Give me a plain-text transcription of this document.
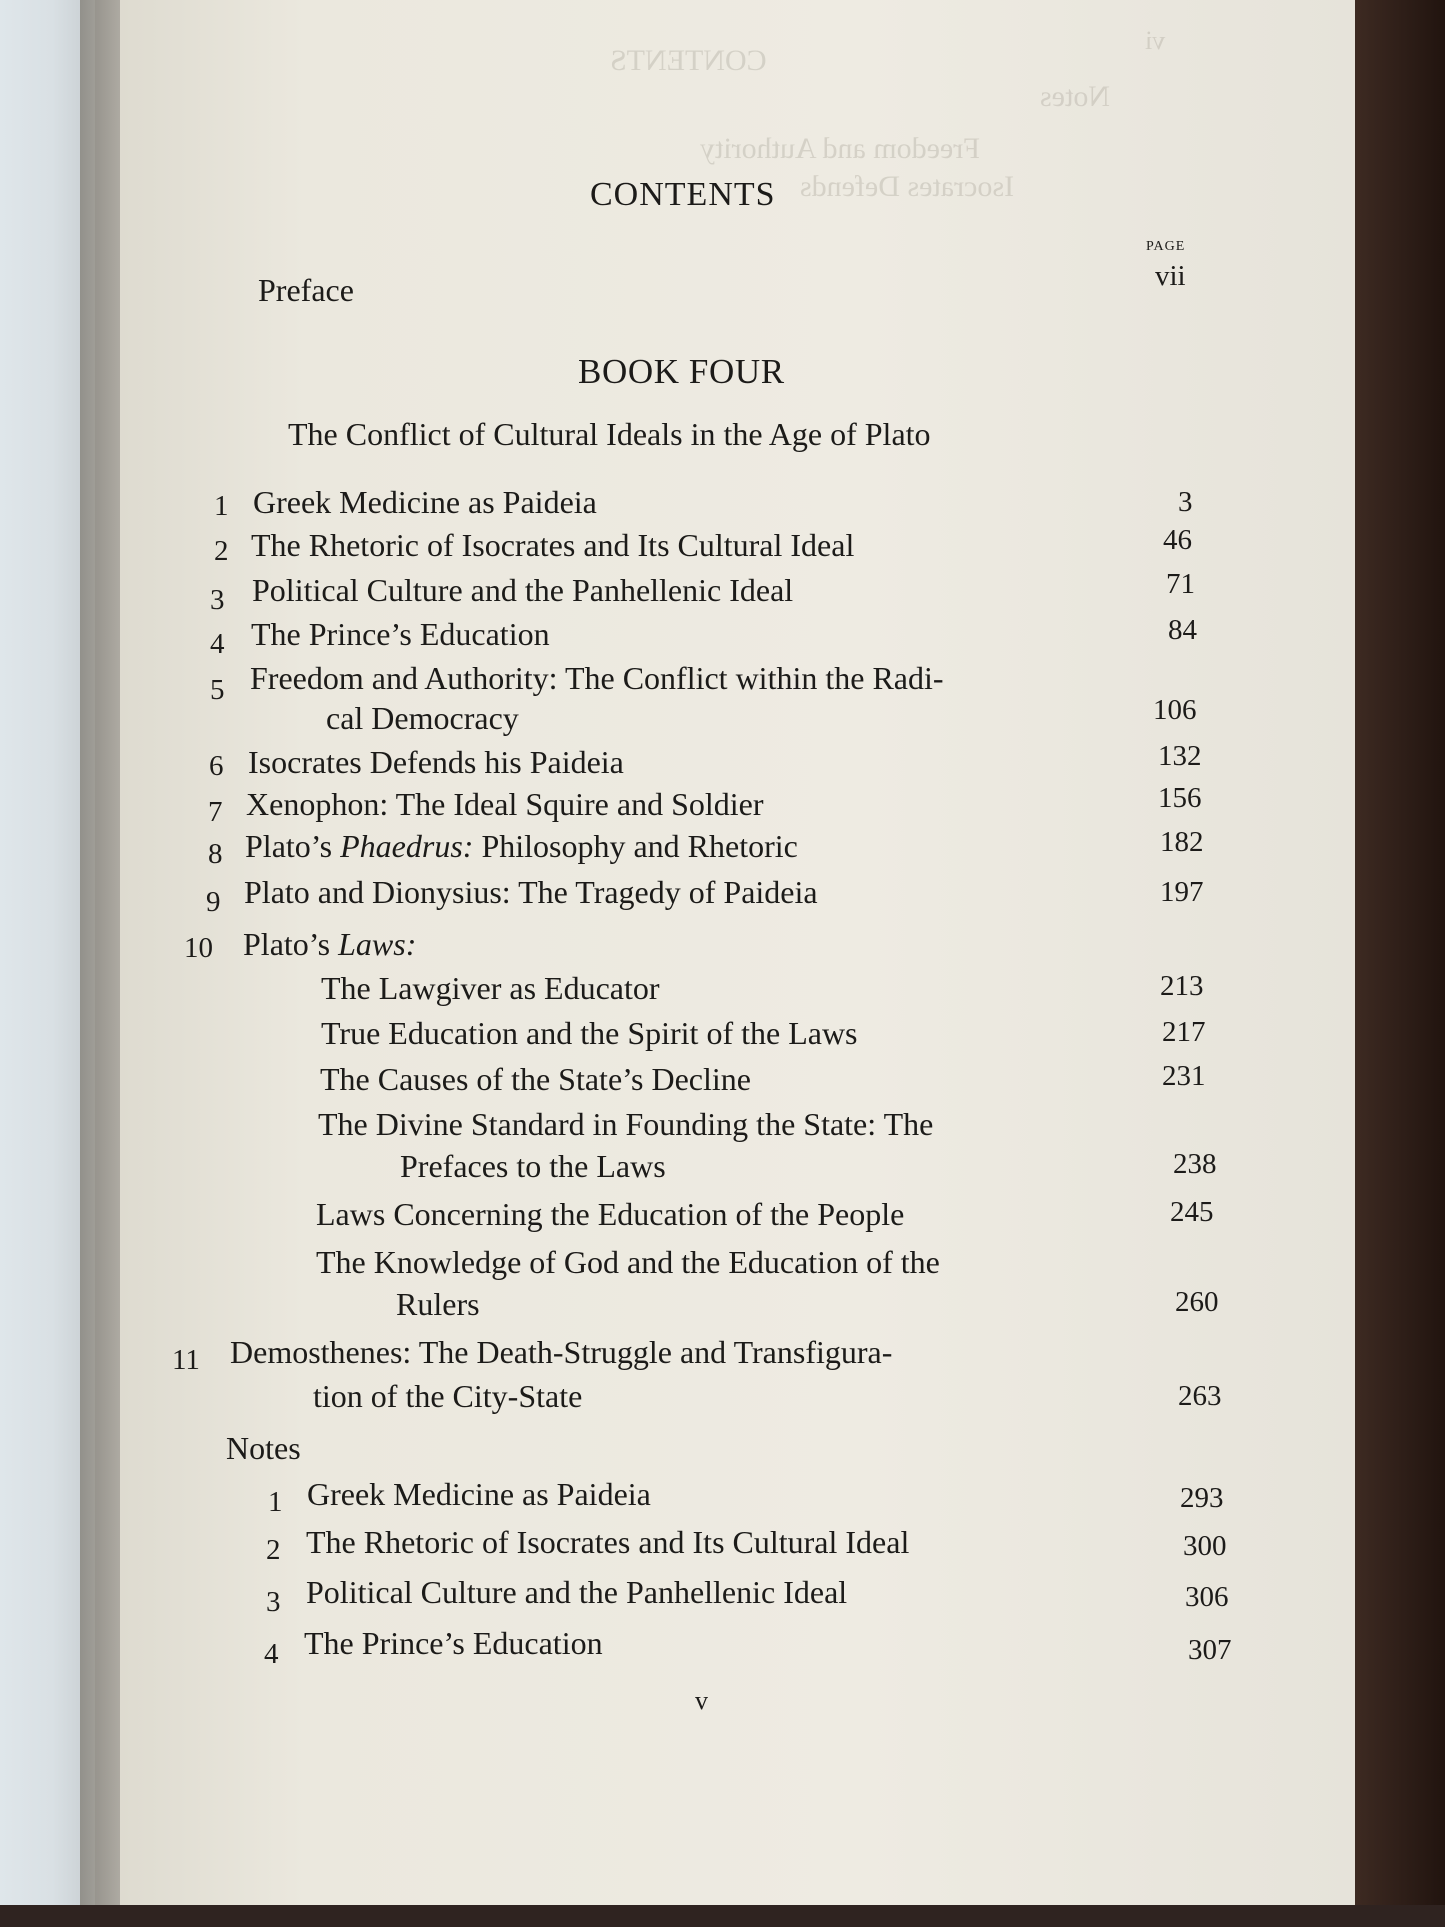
CONTENTS
vi
Notes
Freedom and Authority
Isocrates Defends
CONTENTS
PAGE
Preface	vii
BOOK FOUR
The Conflict of Cultural Ideals in the Age of Plato
1 Greek Medicine as Paideia	3
2 The Rhetoric of Isocrates and Its Cultural Ideal	46
3 Political Culture and the Panhellenic Ideal	71
4 The Prince’s Education	84
5 Freedom and Authority: The Conflict within the Radi-
cal Democracy	106
6 Isocrates Defends his Paideia	132
7 Xenophon: The Ideal Squire and Soldier	156
8 Plato’s Phaedrus: Philosophy and Rhetoric	182
9 Plato and Dionysius: The Tragedy of Paideia	197
10 Plato’s Laws:
The Lawgiver as Educator	213
True Education and the Spirit of the Laws	217
The Causes of the State’s Decline	231
The Divine Standard in Founding the State: The
Prefaces to the Laws	238
Laws Concerning the Education of the People	245
The Knowledge of God and the Education of the
Rulers	260
11 Demosthenes: The Death-Struggle and Transfigura-
tion of the City-State	263
Notes
1 Greek Medicine as Paideia	293
2 The Rhetoric of Isocrates and Its Cultural Ideal	300
3 Political Culture and the Panhellenic Ideal	306
4 The Prince’s Education	307
v
